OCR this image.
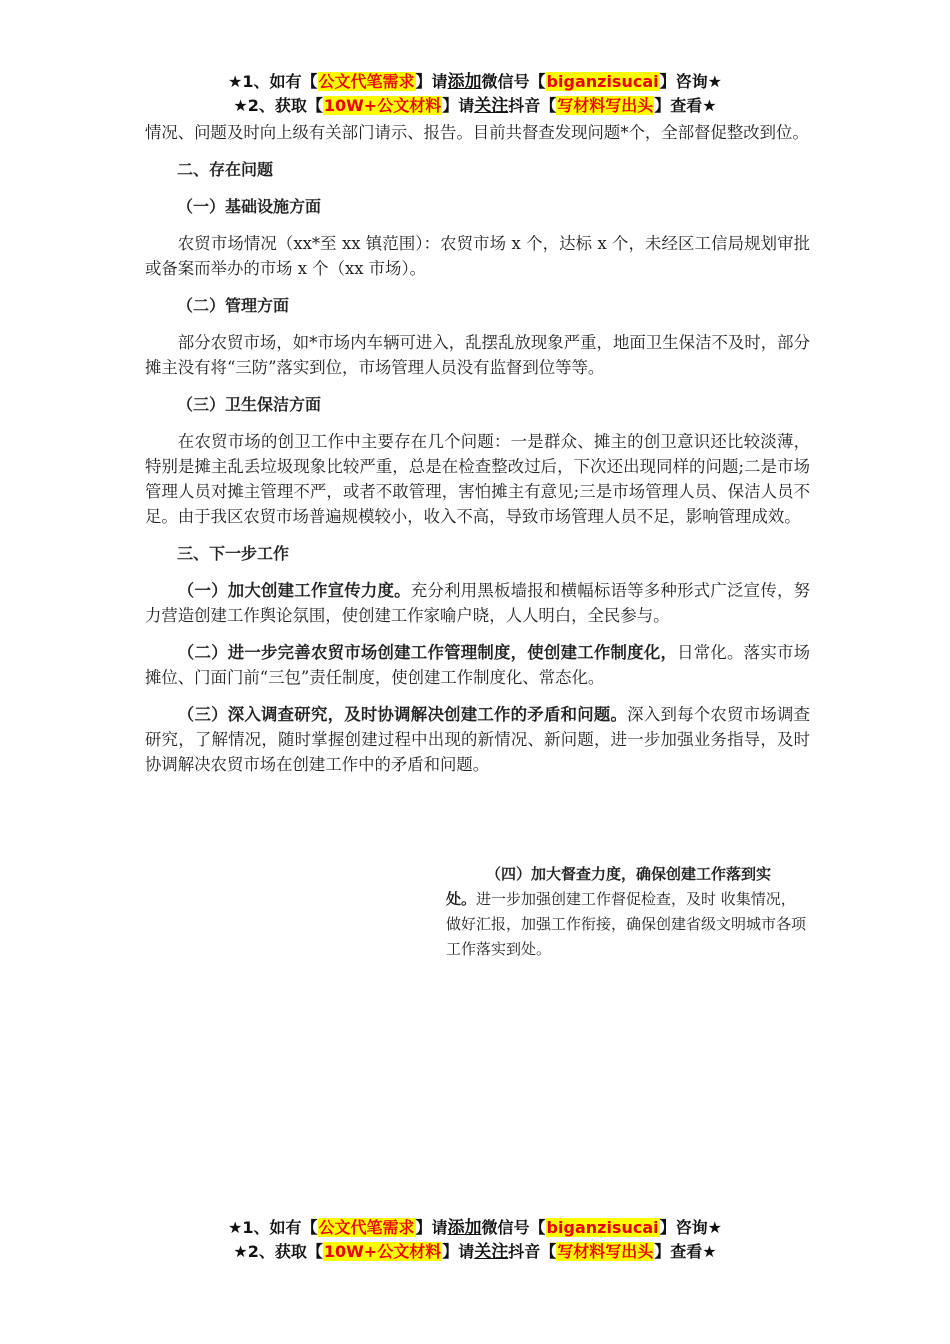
★1、如有【公文代笔需求】请添加微信号【biganzisucai】咨询★
★2、获取【10W+公文材料】请关注抖音【写材料写出头】查看★

情况、问题及时向上级有关部门请示、报告。目前共督查发现问题*个，全部督促整改到位。

二、存在问题

（一）基础设施方面

农贸市场情况（xx*至 xx 镇范围）：农贸市场 x 个，达标 x 个，未经区工信局规划审批或备案而举办的市场 x 个（xx 市场）。

（二）管理方面

部分农贸市场，如*市场内车辆可进入，乱摆乱放现象严重，地面卫生保洁不及时，部分摊主没有将“三防”落实到位，市场管理人员没有监督到位等等。

（三）卫生保洁方面

在农贸市场的创卫工作中主要存在几个问题：一是群众、摊主的创卫意识还比较淡薄，特别是摊主乱丢垃圾现象比较严重，总是在检查整改过后，下次还出现同样的问题;二是市场管理人员对摊主管理不严，或者不敢管理，害怕摊主有意见;三是市场管理人员、保洁人员不足。由于我区农贸市场普遍规模较小，收入不高，导致市场管理人员不足，影响管理成效。

三、下一步工作

（一）加大创建工作宣传力度。充分利用黑板墙报和横幅标语等多种形式广泛宣传，努力营造创建工作舆论氛围，使创建工作家喻户晓，人人明白，全民参与。

（二）进一步完善农贸市场创建工作管理制度，使创建工作制度化，日常化。落实市场摊位、门面门前“三包”责任制度，使创建工作制度化、常态化。

（三）深入调查研究，及时协调解决创建工作的矛盾和问题。深入到每个农贸市场调查研究，了解情况，随时掌握创建过程中出现的新情况、新问题，进一步加强业务指导，及时协调解决农贸市场在创建工作中的矛盾和问题。

（四）加大督查力度，确保创建工作落到实
处。进一步加强创建工作督促检查，及时 收集情况，做好汇报，加强工作衔接，确保创建省级文明城市各项工作落实到处。
★1、如有【公文代笔需求】请添加微信号【biganzisucai】咨询★
★2、获取【10W+公文材料】请关注抖音【写材料写出头】查看★
